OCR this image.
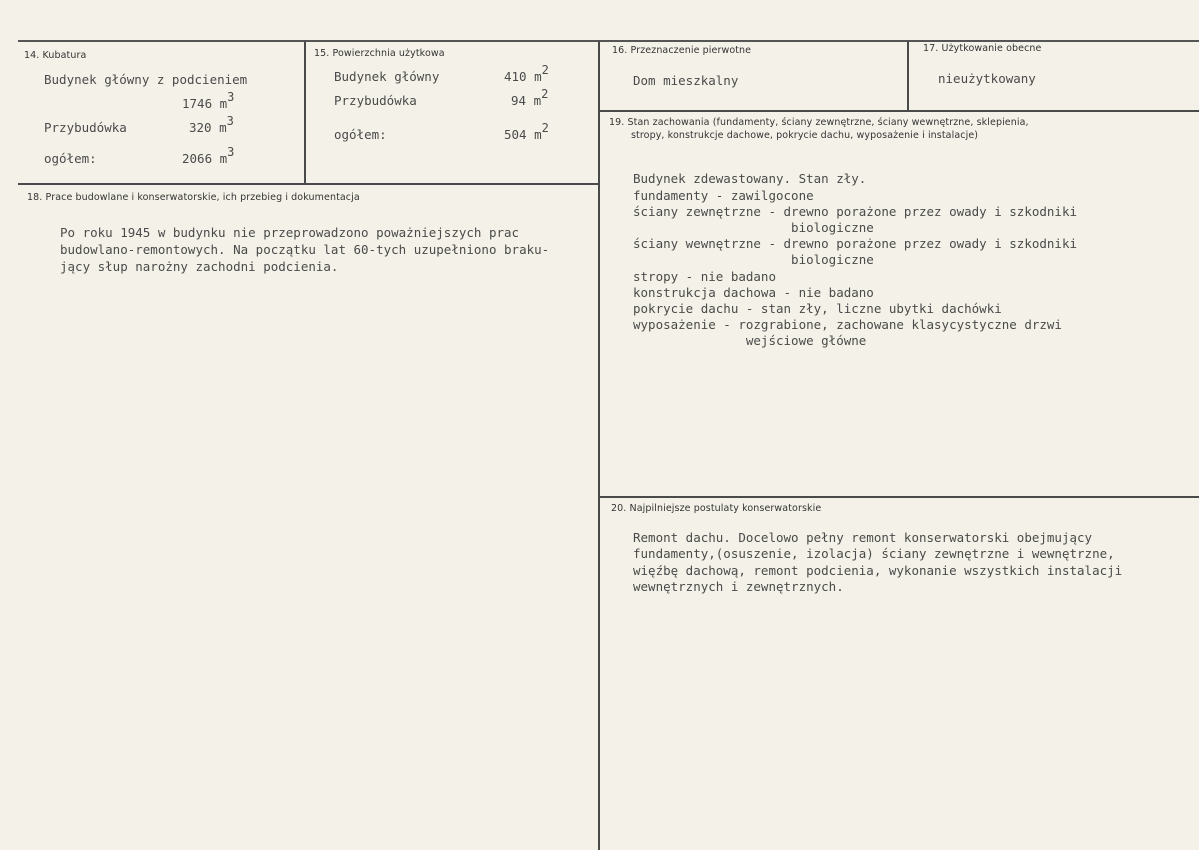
14. Kubatura
Budynek główny z podcieniem
1746 m3
Przybudówka	320 m3
ogółem:	2066 m3
15. Powierzchnia użytkowa
Budynek główny	410 m2
Przybudówka	94 m2
ogółem:	504 m2
16. Przeznaczenie pierwotne
Dom mieszkalny
17. Użytkowanie obecne
nieużytkowany
18. Prace budowlane i konserwatorskie, ich przebieg i dokumentacja
Po roku 1945 w budynku nie przeprowadzono poważniejszych prac
budowlano-remontowych. Na początku lat 60-tych uzupełniono braku-
jący słup narożny zachodni podcienia.
19. Stan zachowania (fundamenty, ściany zewnętrzne, ściany wewnętrzne, sklepienia,
stropy, konstrukcje dachowe, pokrycie dachu, wyposażenie i instalacje)
Budynek zdewastowany. Stan zły.
fundamenty - zawilgocone
ściany zewnętrzne - drewno porażone przez owady i szkodniki
biologiczne
ściany wewnętrzne - drewno porażone przez owady i szkodniki
biologiczne
stropy - nie badano
konstrukcja dachowa - nie badano
pokrycie dachu - stan zły, liczne ubytki dachówki
wyposażenie - rozgrabione, zachowane klasycystyczne drzwi
wejściowe główne
20. Najpilniejsze postulaty konserwatorskie
Remont dachu. Docelowo pełny remont konserwatorski obejmujący
fundamenty,(osuszenie, izolacja) ściany zewnętrzne i wewnętrzne,
więźbę dachową, remont podcienia, wykonanie wszystkich instalacji
wewnętrznych i zewnętrznych.
